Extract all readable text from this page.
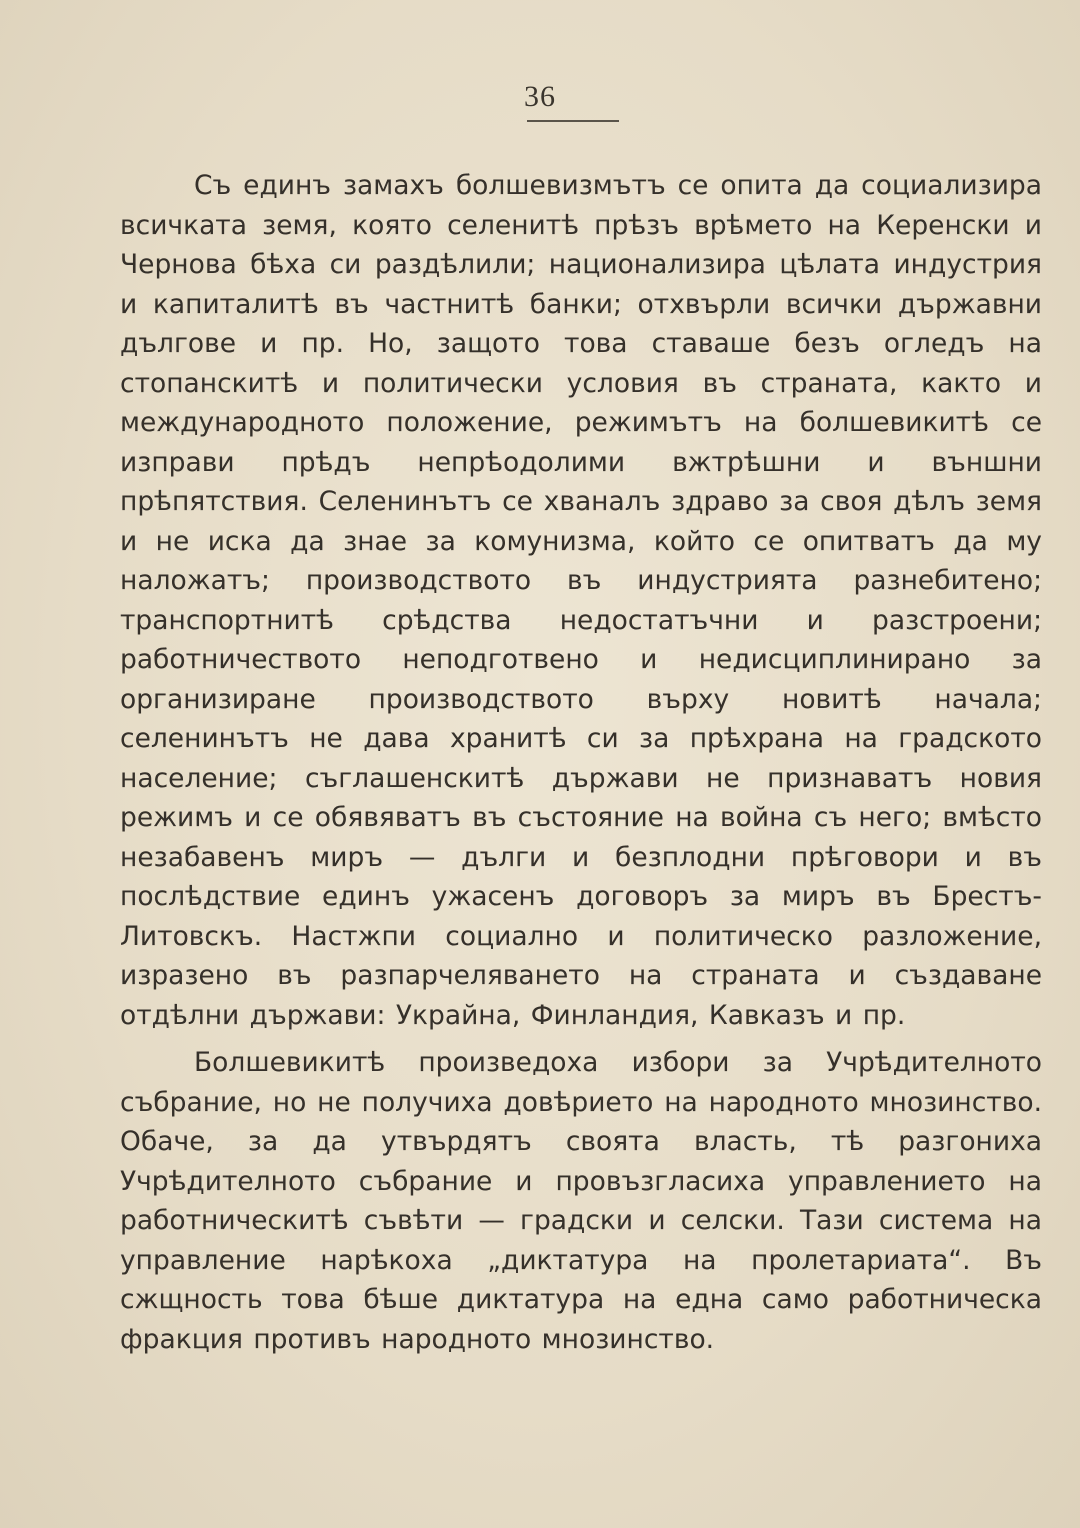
36

Съ единъ замахъ болшевизмътъ се опита да социализира всичката земя, която селенитѣ прѣзъ врѣмето на Керенски и Чернова бѣха си раздѣлили; национализира цѣлата индустрия и капиталитѣ въ частнитѣ банки; отхвърли всички държавни дългове и пр. Но, защото това ставаше безъ огледъ на стопанскитѣ и политически условия въ страната, както и международното положение, режимътъ на болшевикитѣ се изправи прѣдъ непрѣодолими вжтрѣшни и външни прѣпятствия. Селенинътъ се хваналъ здраво за своя дѣлъ земя и не иска да знае за комунизма, който се опитватъ да му наложатъ; производството въ индустрията разнебитено; транспортнитѣ срѣдства недостатъчни и разстроени; работничеството неподготвено и недисциплинирано за организиране производството върху новитѣ начала; селенинътъ не дава хранитѣ си за прѣхрана на градското население; съглашенскитѣ държави не признаватъ новия режимъ и се обявяватъ въ състояние на война съ него; вмѣсто незабавенъ миръ — дълги и безплодни прѣговори и въ послѣдствие единъ ужасенъ договоръ за миръ въ Брестъ-Литовскъ. Настжпи социално и политическо разложение, изразено въ разпарчеляването на страната и създаване отдѣлни държави: Украйна, Финландия, Кавказъ и пр.

Болшевикитѣ произведоха избори за Учрѣдителното събрание, но не получиха довѣрието на народното мнозинство. Обаче, за да утвърдятъ своята власть, тѣ разгониха Учрѣдителното събрание и провъзгласиха управлението на работническитѣ съвѣти — градски и селски. Тази система на управление нарѣкоха „диктатура на пролетариата“. Въ сжщность това бѣше диктатура на една само работническа фракция противъ народното мнозинство.
